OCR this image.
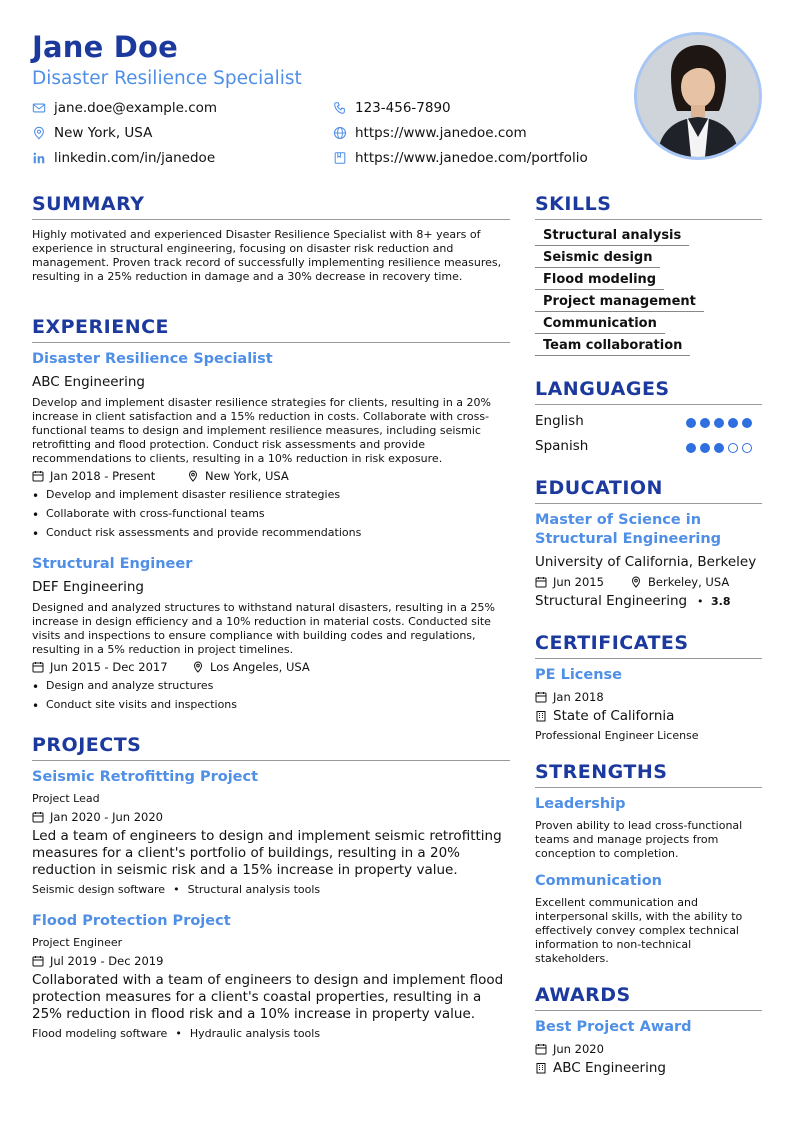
Jane Doe
Disaster Resilience Specialist
jane.doe@example.com	123-456-7890
New York, USA	https://www.janedoe.com
linkedin.com/in/janedoe	https://www.janedoe.com/portfolio
SUMMARY
Highly motivated and experienced Disaster Resilience Specialist with 8+ years of experience in structural engineering, focusing on disaster risk reduction and management. Proven track record of successfully implementing resilience measures, resulting in a 25% reduction in damage and a 30% decrease in recovery time.
EXPERIENCE
Disaster Resilience Specialist
ABC Engineering
Develop and implement disaster resilience strategies for clients, resulting in a 20% increase in client satisfaction and a 15% reduction in costs. Collaborate with cross-functional teams to design and implement resilience measures, including seismic retrofitting and flood protection. Conduct risk assessments and provide recommendations to clients, resulting in a 10% reduction in risk exposure.
Jan 2018 - Present	New York, USA
• Develop and implement disaster resilience strategies
• Collaborate with cross-functional teams
• Conduct risk assessments and provide recommendations
Structural Engineer
DEF Engineering
Designed and analyzed structures to withstand natural disasters, resulting in a 25% increase in design efficiency and a 10% reduction in material costs. Conducted site visits and inspections to ensure compliance with building codes and regulations, resulting in a 5% reduction in project timelines.
Jun 2015 - Dec 2017	Los Angeles, USA
• Design and analyze structures
• Conduct site visits and inspections
PROJECTS
Seismic Retrofitting Project
Project Lead
Jan 2020 - Jun 2020
Led a team of engineers to design and implement seismic retrofitting measures for a client's portfolio of buildings, resulting in a 20% reduction in seismic risk and a 15% increase in property value.
Seismic design software • Structural analysis tools
Flood Protection Project
Project Engineer
Jul 2019 - Dec 2019
Collaborated with a team of engineers to design and implement flood protection measures for a client's coastal properties, resulting in a 25% reduction in flood risk and a 10% increase in property value.
Flood modeling software • Hydraulic analysis tools
SKILLS
Structural analysis
Seismic design
Flood modeling
Project management
Communication
Team collaboration
LANGUAGES
English
Spanish
EDUCATION
Master of Science in
Structural Engineering
University of California, Berkeley
Jun 2015	Berkeley, USA
Structural Engineering • 3.8
CERTIFICATES
PE License
Jan 2018
State of California
Professional Engineer License
STRENGTHS
Leadership
Proven ability to lead cross-functional teams and manage projects from conception to completion.
Communication
Excellent communication and interpersonal skills, with the ability to effectively convey complex technical information to non-technical stakeholders.
AWARDS
Best Project Award
Jun 2020
ABC Engineering
